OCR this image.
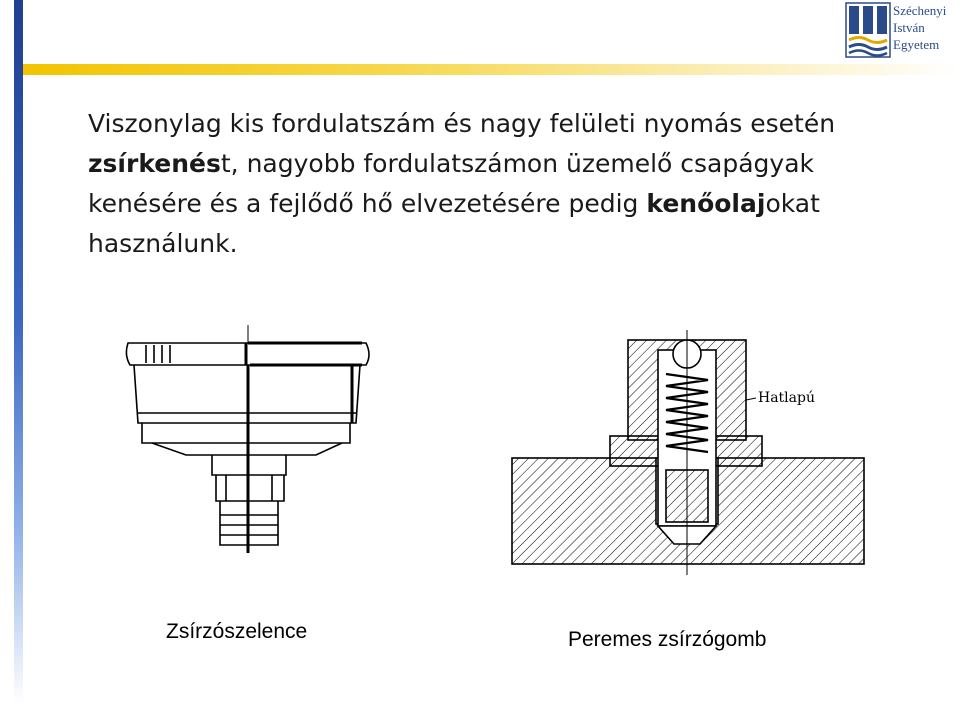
Széchenyi
István
Egyetem
Viszonylag kis fordulatszám és nagy felületi nyomás esetén zsírkenést, nagyobb fordulatszámon üzemelő csapágyak kenésére és a fejlődő hő elvezetésére pedig kenőolajokat használunk.
Hatlapú
Zsírzószelence	Peremes zsírzógomb
